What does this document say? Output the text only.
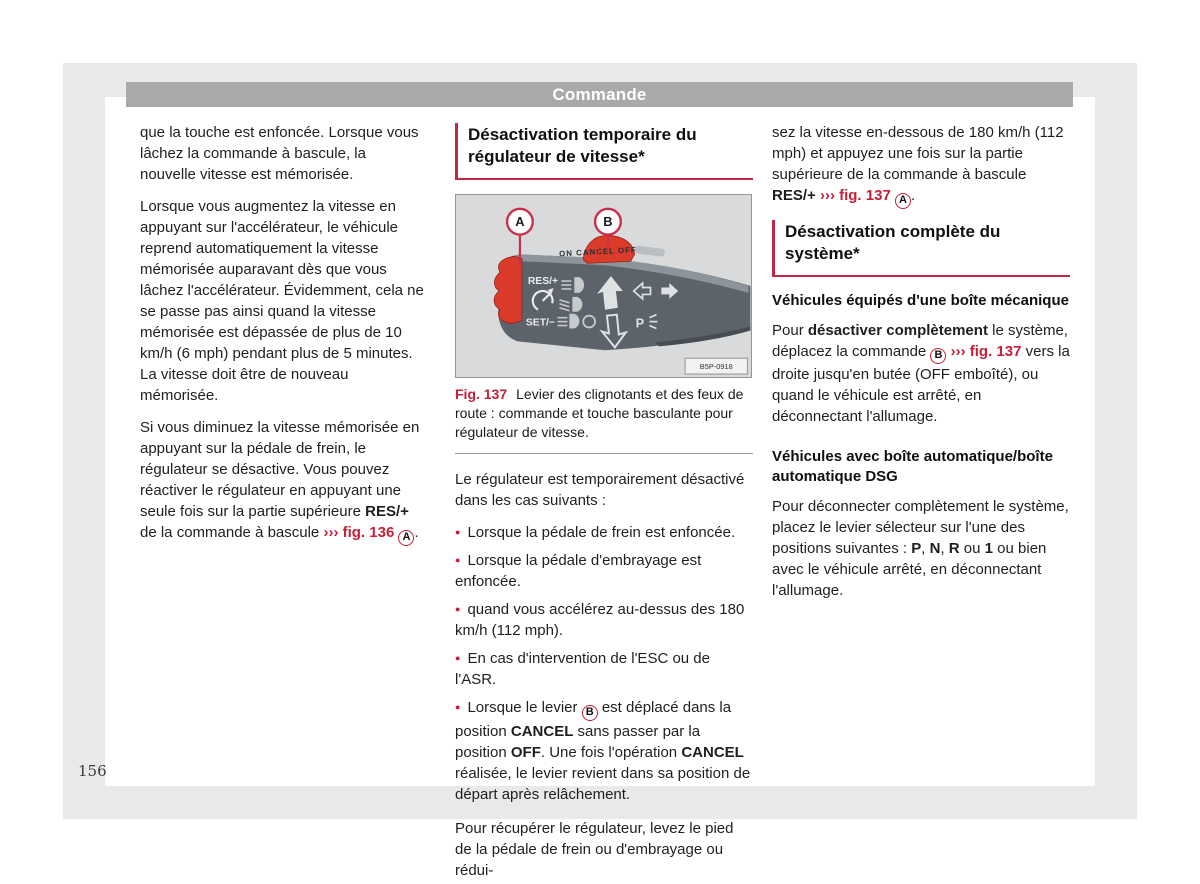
Commande

que la touche est enfoncée. Lorsque vous lâchez la commande à bascule, la nouvelle vitesse est mémorisée.

Lorsque vous augmentez la vitesse en appuyant sur l'accélérateur, le véhicule reprend automatiquement la vitesse mémorisée auparavant dès que vous lâchez l'accélérateur. Évidemment, cela ne se passe pas ainsi quand la vitesse mémorisée est dépassée de plus de 10 km/h (6 mph) pendant plus de 5 minutes. La vitesse doit être de nouveau mémorisée.

Si vous diminuez la vitesse mémorisée en appuyant sur la pédale de frein, le régulateur se désactive. Vous pouvez réactiver le régulateur en appuyant une seule fois sur la partie supérieure RES/+ de la commande à bascule ››› fig. 136 A .

Désactivation temporaire du régulateur de vitesse*
ON CANCEL OFF
RES/+
SET/−	P
A	B
B5P-0918
Fig. 137 Levier des clignotants et des feux de route : commande et touche basculante pour régulateur de vitesse.

Le régulateur est temporairement désactivé dans les cas suivants :

● Lorsque la pédale de frein est enfoncée.

● Lorsque la pédale d'embrayage est enfoncée.

● quand vous accélérez au-dessus des 180 km/h (112 mph).

● En cas d'intervention de l'ESC ou de l'ASR.

● Lorsque le levier B est déplacé dans la position CANCEL sans passer par la position OFF. Une fois l'opération CANCEL réalisée, le levier revient dans sa position de départ après relâchement.

Pour récupérer le régulateur, levez le pied de la pédale de frein ou d'embrayage ou rédui-

sez la vitesse en-dessous de 180 km/h (112 mph) et appuyez une fois sur la partie supérieure de la commande à bascule RES/+ ››› fig. 137 A .

Désactivation complète du système*
Véhicules équipés d'une boîte mécanique

Pour désactiver complètement le système, déplacez la commande B ››› fig. 137 vers la droite jusqu'en butée (OFF emboîté), ou quand le véhicule est arrêté, en déconnectant l'allumage.

Véhicules avec boîte automatique/boîte automatique DSG

Pour déconnecter complètement le système, placez le levier sélecteur sur l'une des positions suivantes : P, N, R ou 1 ou bien avec le véhicule arrêté, en déconnectant l'allumage.

156
